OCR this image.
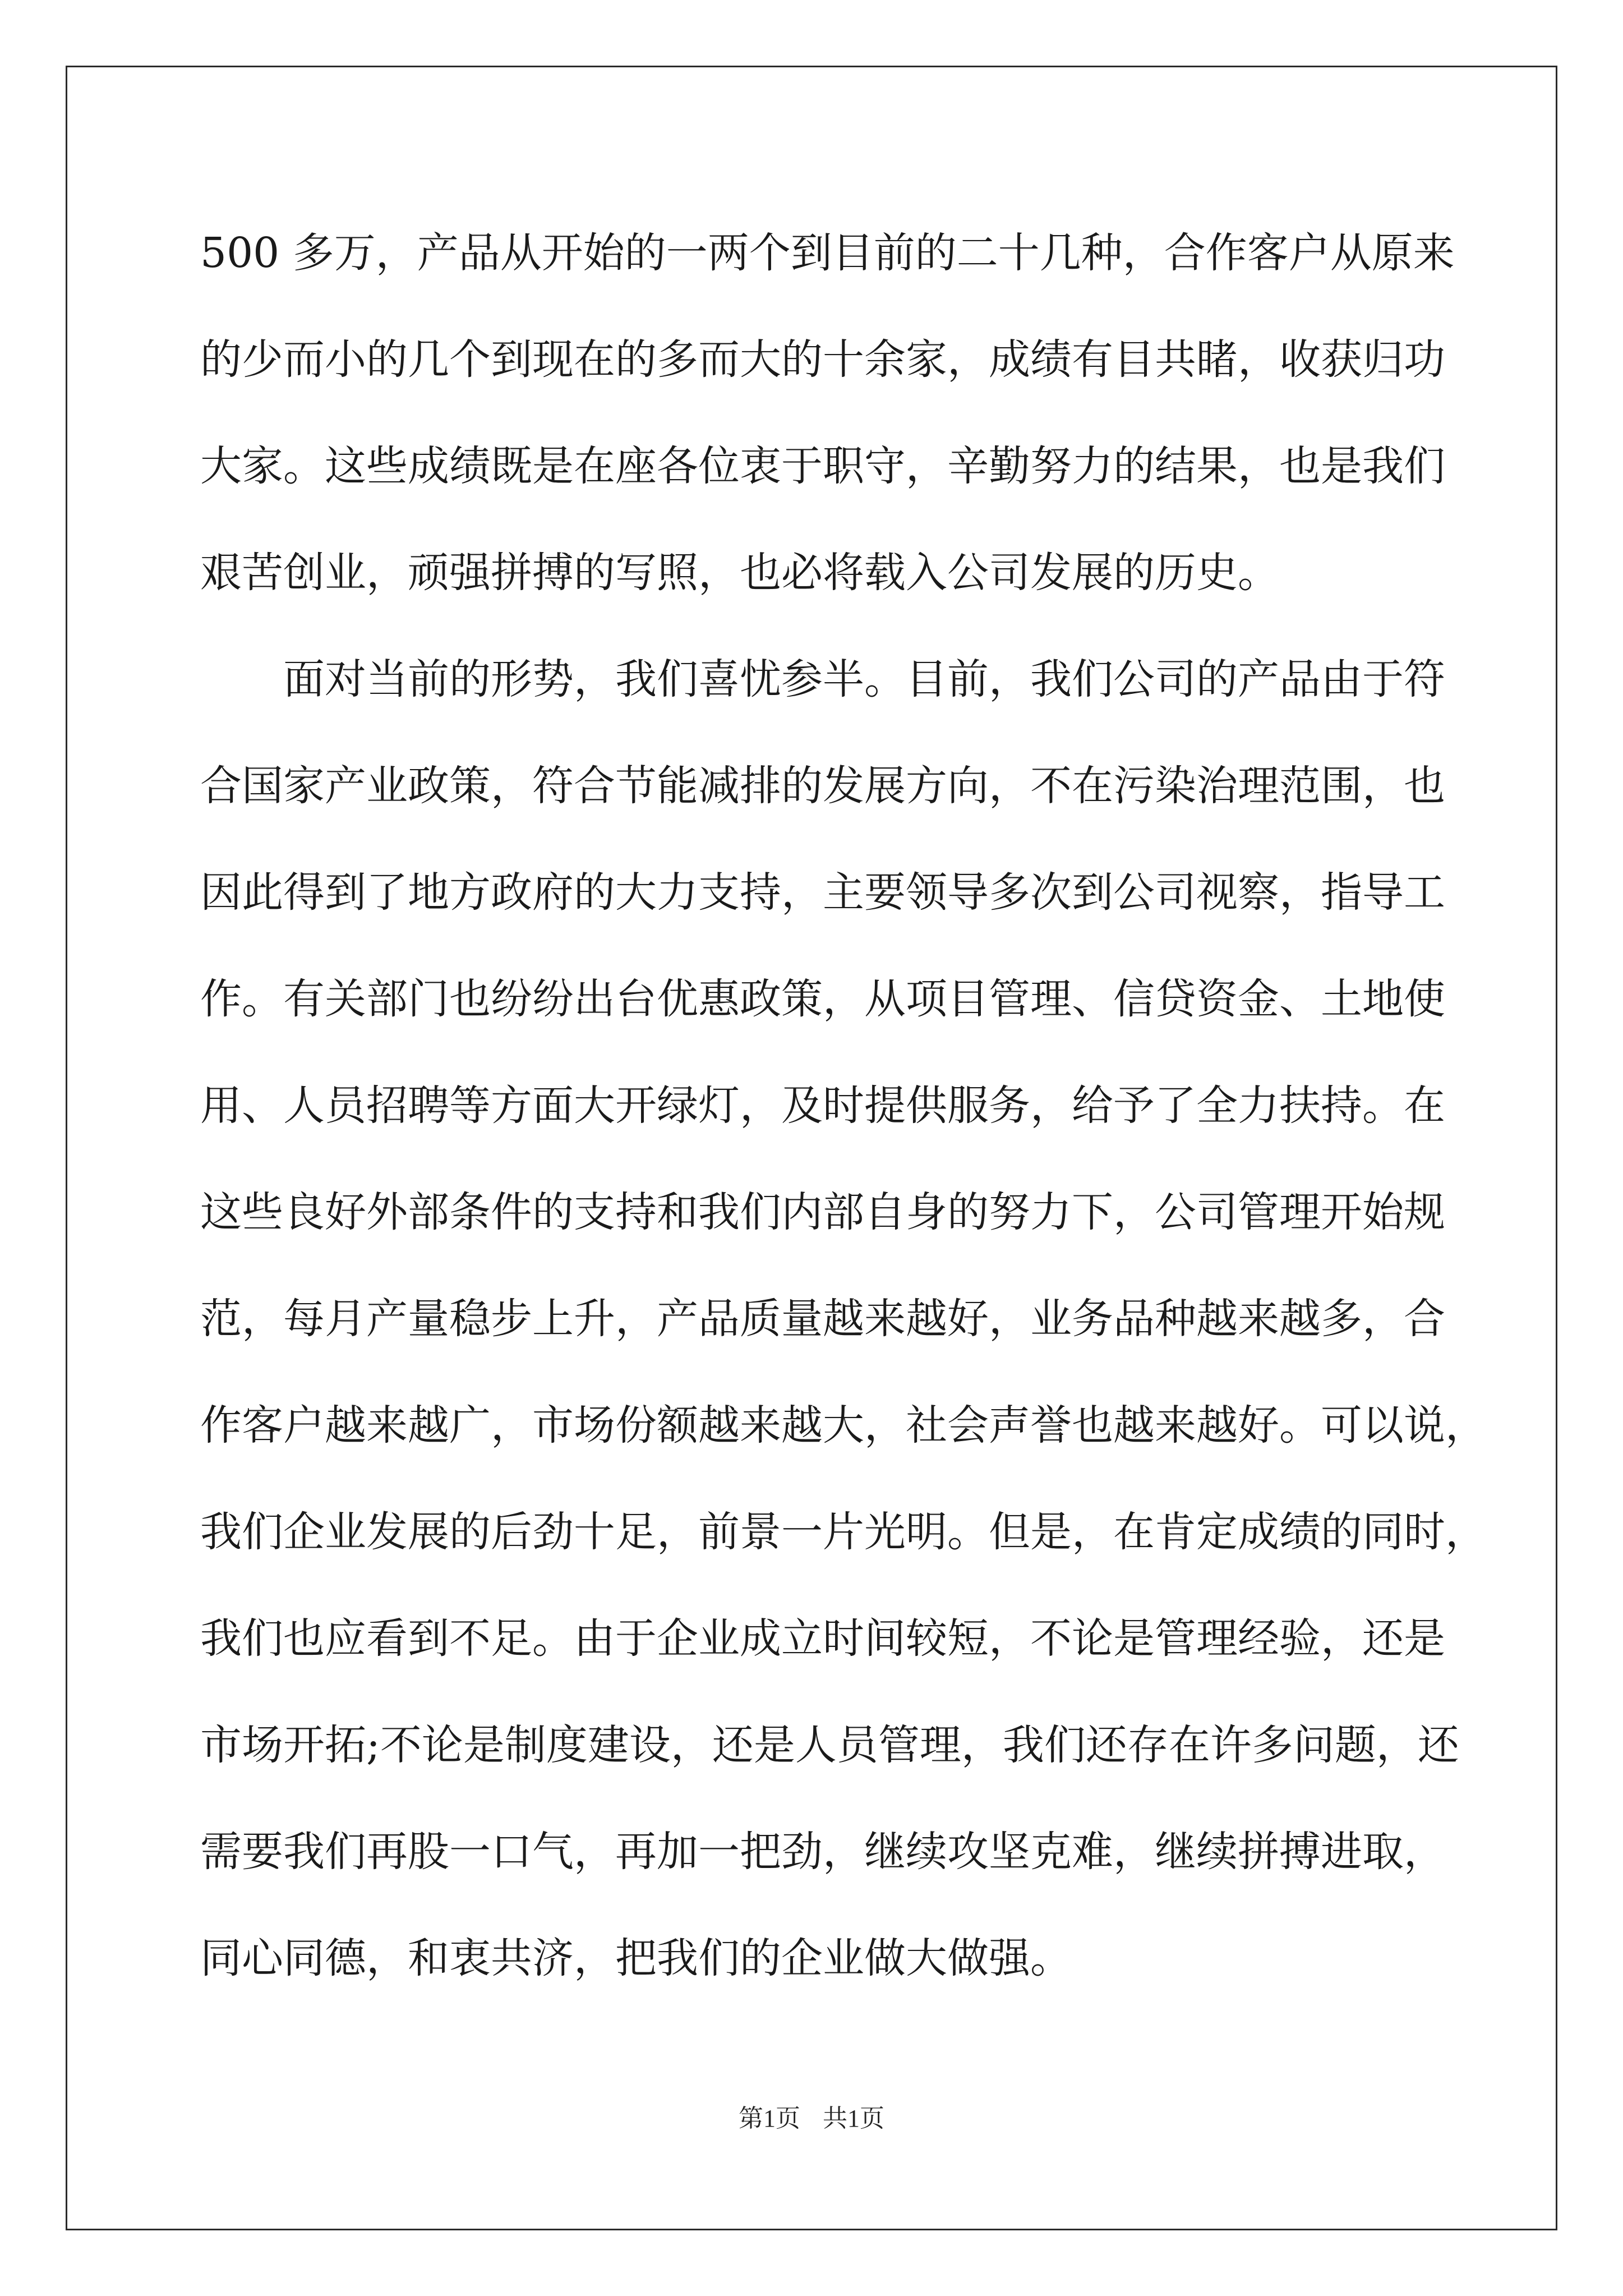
500 多万，产品从开始的一两个到目前的二十几种，合作客户从原来
的少而小的几个到现在的多而大的十余家，成绩有目共睹，收获归功
大家。这些成绩既是在座各位衷于职守，辛勤努力的结果，也是我们
艰苦创业，顽强拼搏的写照，也必将载入公司发展的历史。
　　面对当前的形势，我们喜忧参半。目前，我们公司的产品由于符
合国家产业政策，符合节能减排的发展方向，不在污染治理范围，也
因此得到了地方政府的大力支持，主要领导多次到公司视察，指导工
作。有关部门也纷纷出台优惠政策，从项目管理、信贷资金、土地使
用、人员招聘等方面大开绿灯，及时提供服务，给予了全力扶持。在
这些良好外部条件的支持和我们内部自身的努力下，公司管理开始规
范，每月产量稳步上升，产品质量越来越好，业务品种越来越多，合
作客户越来越广，市场份额越来越大，社会声誉也越来越好。可以说，
我们企业发展的后劲十足，前景一片光明。但是，在肯定成绩的同时，
我们也应看到不足。由于企业成立时间较短，不论是管理经验，还是
市场开拓;不论是制度建设，还是人员管理，我们还存在许多问题，还
需要我们再股一口气，再加一把劲，继续攻坚克难，继续拼搏进取，
同心同德，和衷共济，把我们的企业做大做强。
第1页 共1页
